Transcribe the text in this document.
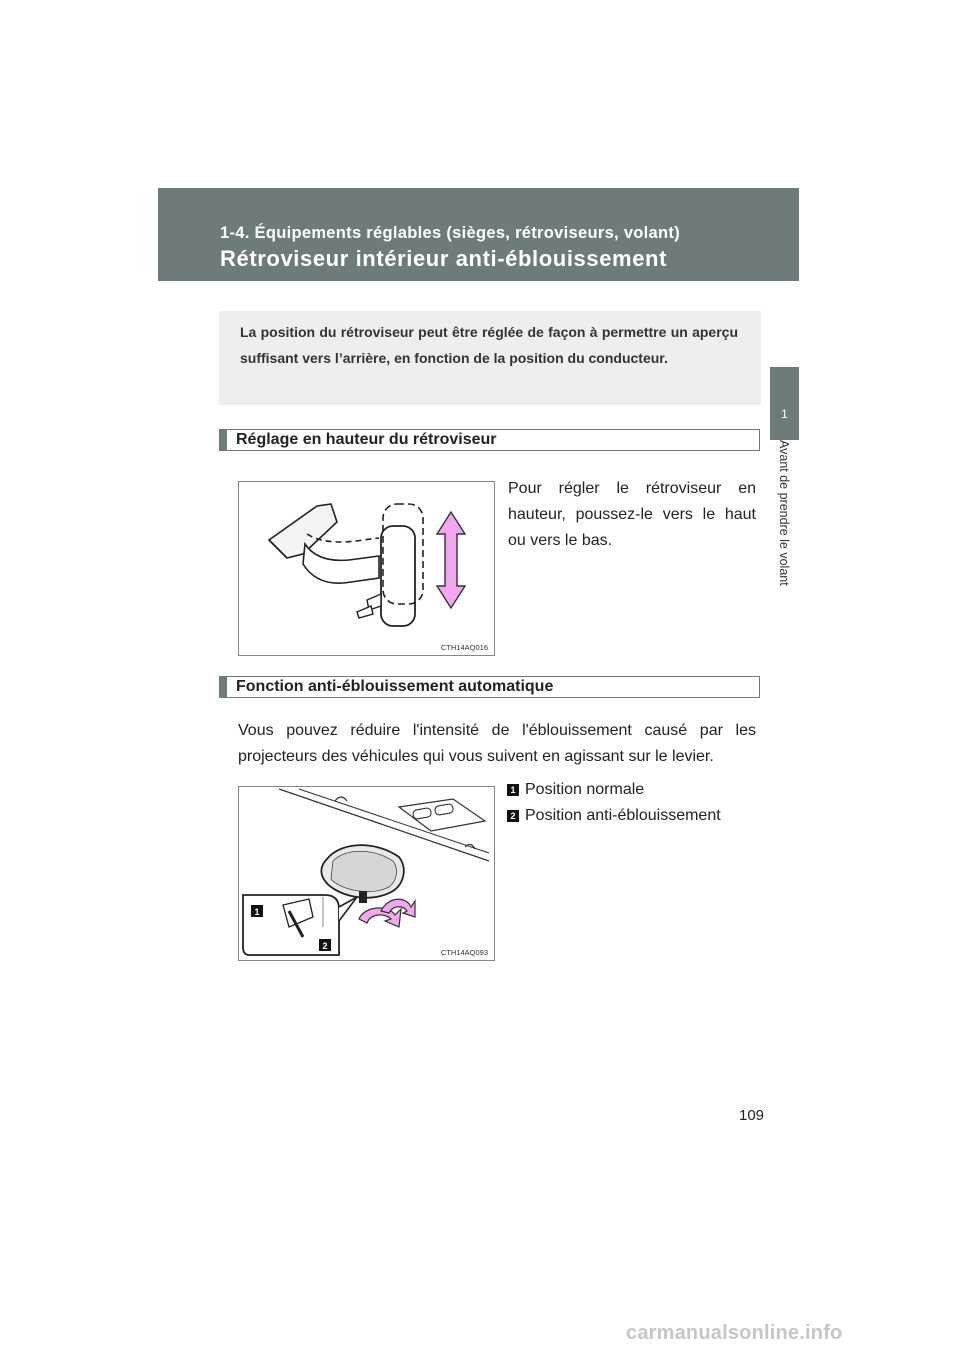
1-4. Équipements réglables (sièges, rétroviseurs, volant)
Rétroviseur intérieur anti-éblouissement
1
Avant de prendre le volant

La position du rétroviseur peut être réglée de façon à permettre un aperçu suffisant vers l’arrière, en fonction de la position du conducteur.

Réglage en hauteur du rétroviseur
CTH14AQ016

Pour régler le rétroviseur en hauteur, poussez-le vers le haut ou vers le bas.

Fonction anti-éblouissement automatique

Vous pouvez réduire l'intensité de l'éblouissement causé par les projecteurs des véhicules qui vous suivent en agissant sur le levier.

1 Position normale
2 Position anti-éblouissement
1
2
CTH14AQ093
109
carmanualsonline.info
